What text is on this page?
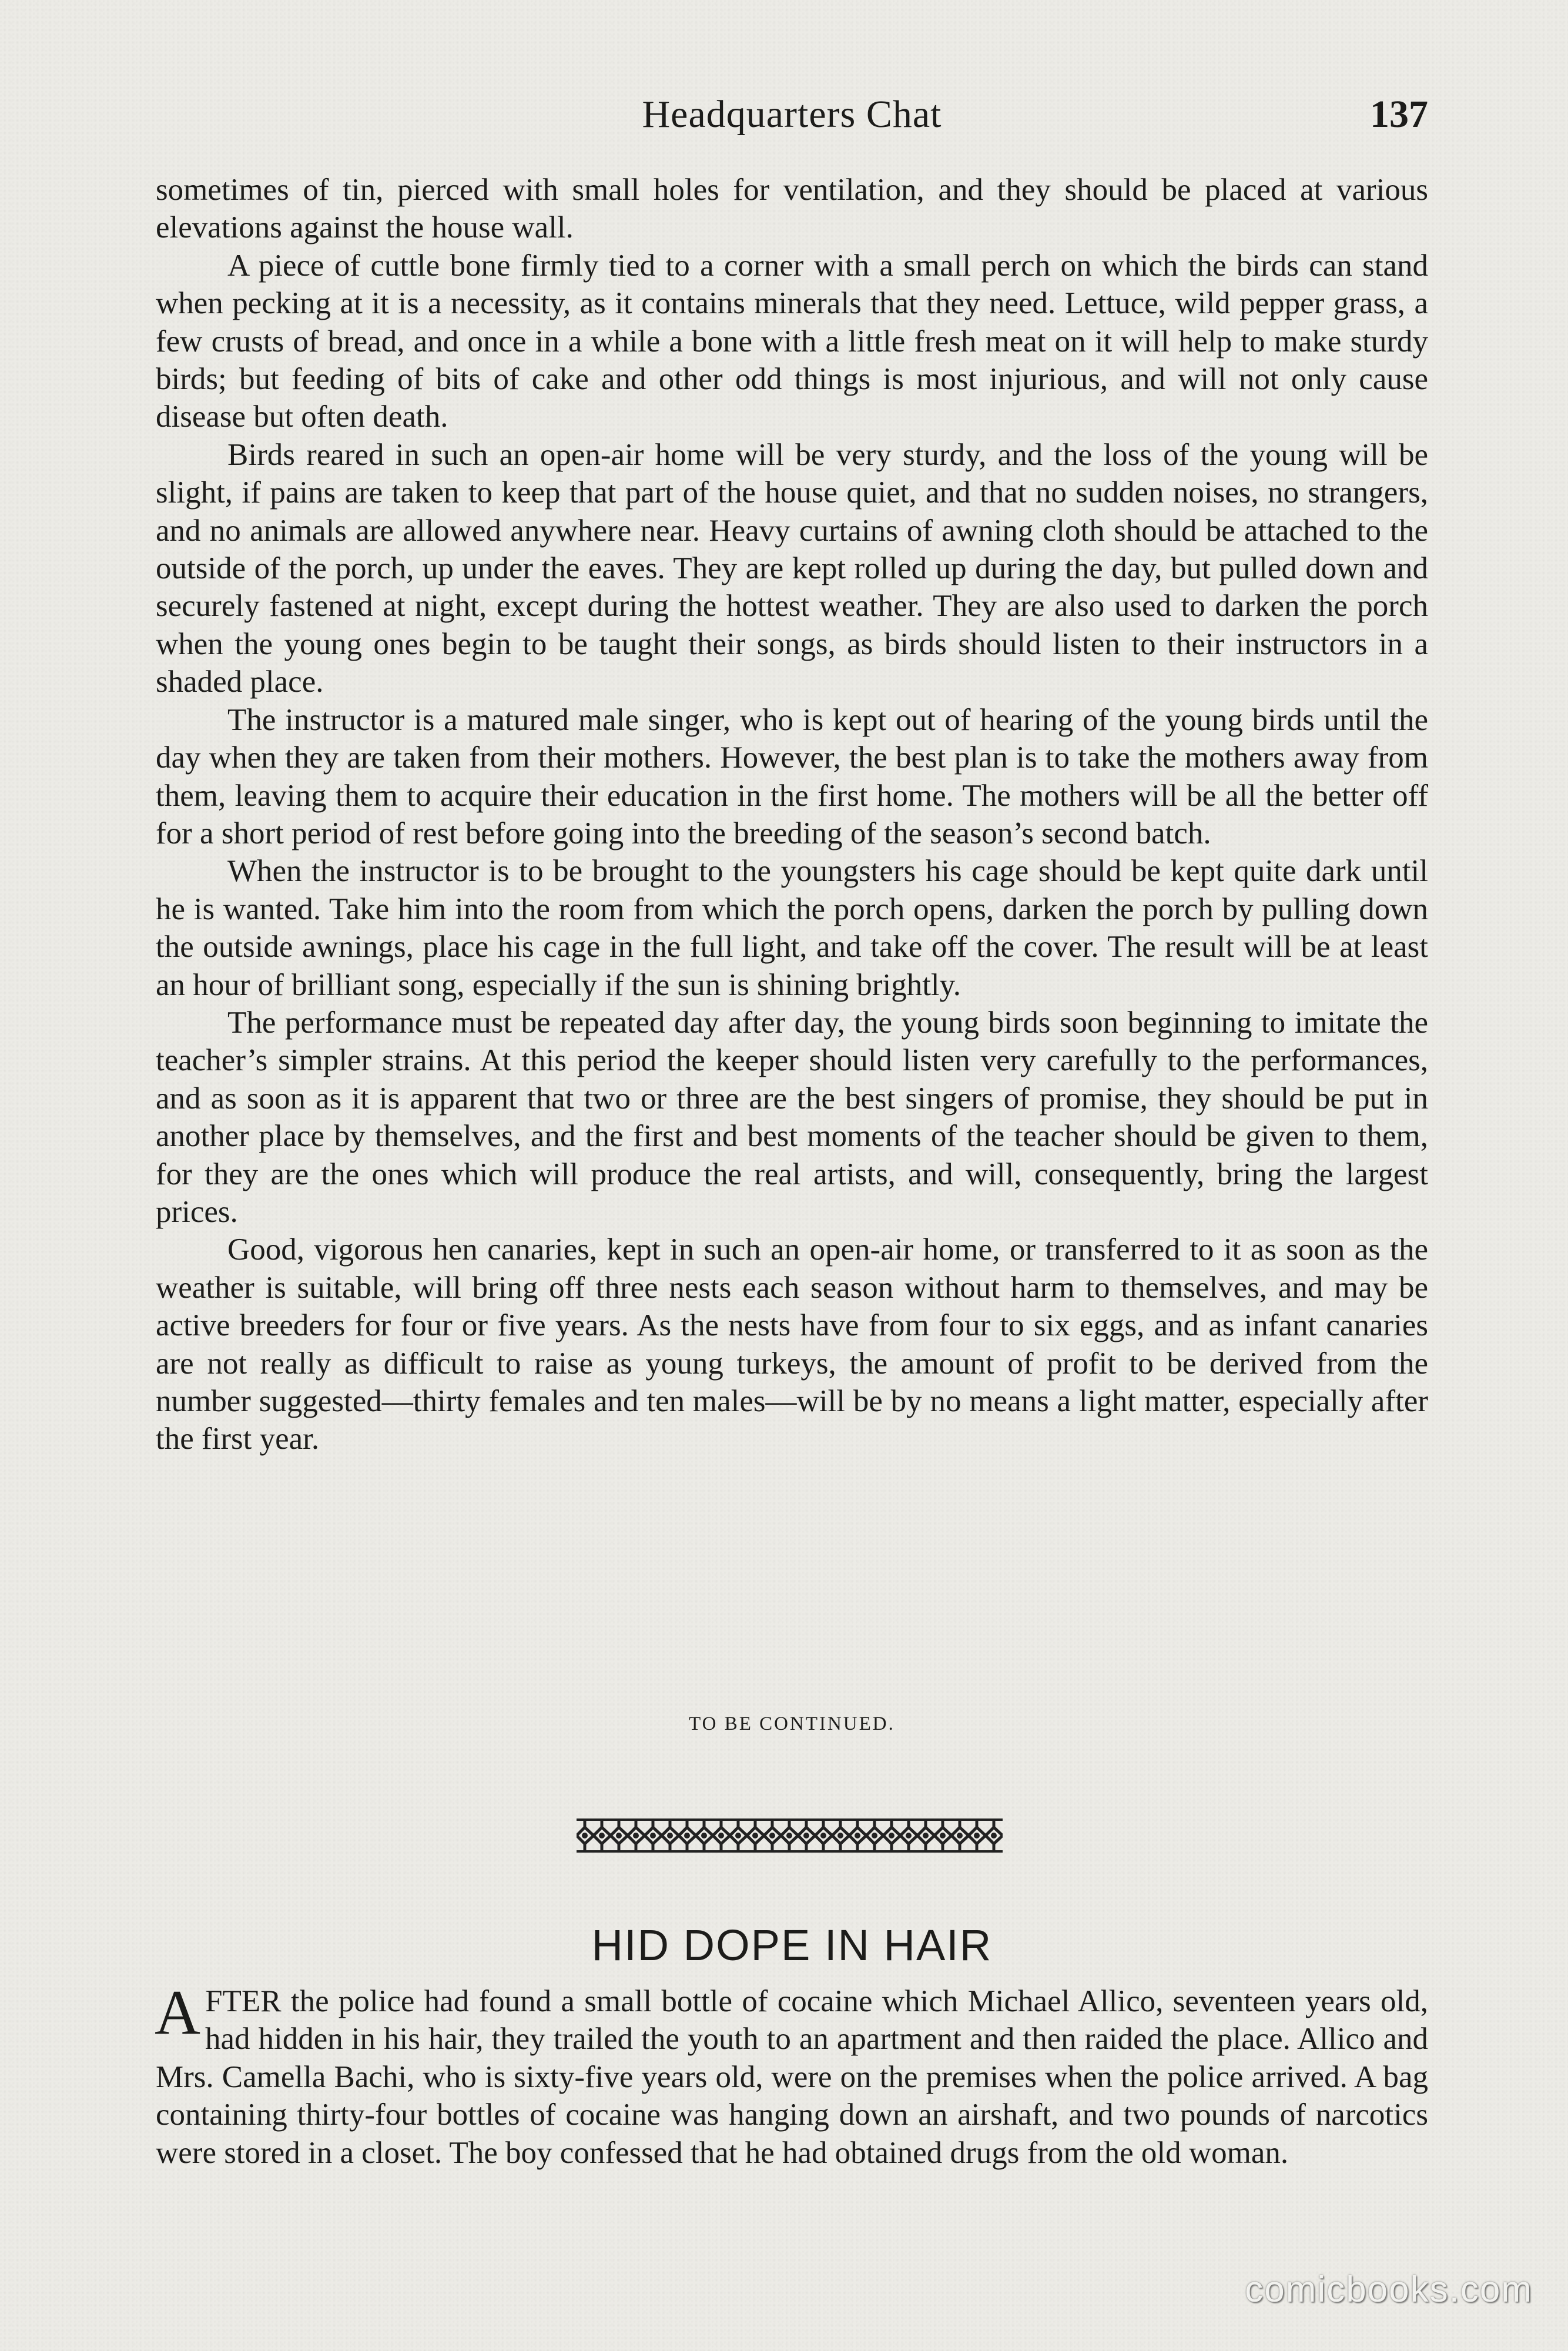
Headquarters Chat	137

sometimes of tin, pierced with small holes for ventilation, and they should be placed at various elevations against the house wall.

A piece of cuttle bone firmly tied to a corner with a small perch on which the birds can stand when pecking at it is a necessity, as it contains minerals that they need. Lettuce, wild pepper grass, a few crusts of bread, and once in a while a bone with a little fresh meat on it will help to make sturdy birds; but feeding of bits of cake and other odd things is most injurious, and will not only cause disease but often death.

Birds reared in such an open-air home will be very sturdy, and the loss of the young will be slight, if pains are taken to keep that part of the house quiet, and that no sudden noises, no strangers, and no animals are allowed anywhere near. Heavy curtains of awning cloth should be attached to the outside of the porch, up under the eaves. They are kept rolled up during the day, but pulled down and securely fastened at night, except during the hottest weather. They are also used to darken the porch when the young ones begin to be taught their songs, as birds should listen to their instructors in a shaded place.

The instructor is a matured male singer, who is kept out of hearing of the young birds until the day when they are taken from their mothers. However, the best plan is to take the mothers away from them, leaving them to acquire their education in the first home. The mothers will be all the better off for a short period of rest before going into the breeding of the season’s second batch.

When the instructor is to be brought to the youngsters his cage should be kept quite dark until he is wanted. Take him into the room from which the porch opens, darken the porch by pulling down the outside awnings, place his cage in the full light, and take off the cover. The result will be at least an hour of brilliant song, especially if the sun is shining brightly.

The performance must be repeated day after day, the young birds soon beginning to imitate the teacher’s simpler strains. At this period the keeper should listen very carefully to the performances, and as soon as it is apparent that two or three are the best singers of promise, they should be put in another place by themselves, and the first and best moments of the teacher should be given to them, for they are the ones which will produce the real artists, and will, consequently, bring the largest prices.

Good, vigorous hen canaries, kept in such an open-air home, or transferred to it as soon as the weather is suitable, will bring off three nests each season without harm to themselves, and may be active breeders for four or five years. As the nests have from four to six eggs, and as infant canaries are not really as difficult to raise as young turkeys, the amount of profit to be derived from the number suggested—thirty females and ten males—will be by no means a light matter, especially after the first year.

TO BE CONTINUED.
HID DOPE IN HAIR

AFTER the police had found a small bottle of cocaine which Michael Allico, seventeen years old, had hidden in his hair, they trailed the youth to an apartment and then raided the place. Allico and Mrs. Camella Bachi, who is sixty-five years old, were on the premises when the police arrived. A bag containing thirty-four bottles of cocaine was hanging down an airshaft, and two pounds of narcotics were stored in a closet. The boy confessed that he had obtained drugs from the old woman.

comicbooks.com
